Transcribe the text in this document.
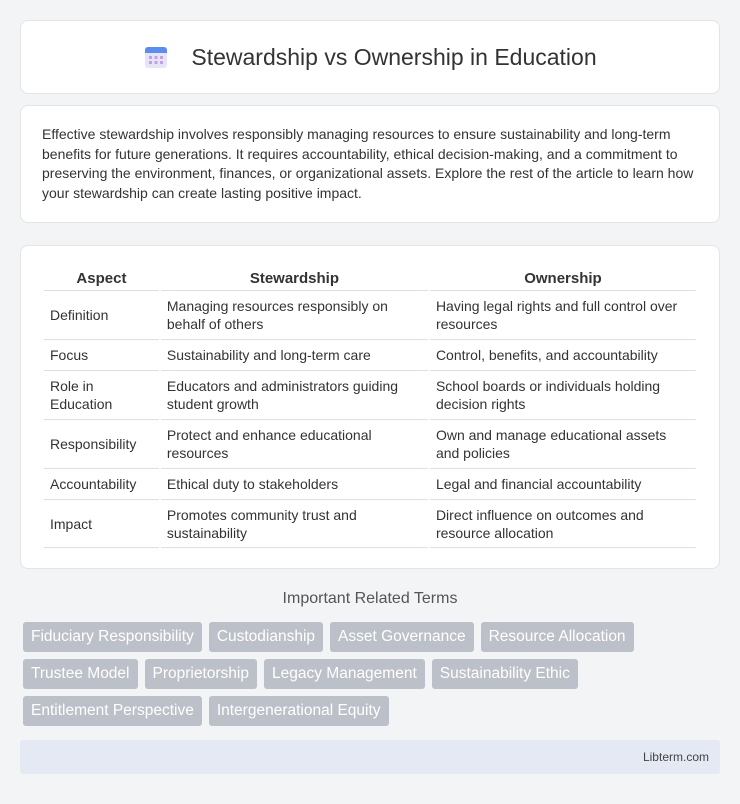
Stewardship vs Ownership in Education

Effective stewardship involves responsibly managing resources to ensure sustainability and long-term benefits for future generations. It requires accountability, ethical decision-making, and a commitment to preserving the environment, finances, or organizational assets. Explore the rest of the article to learn how your stewardship can create lasting positive impact.

Aspect	Stewardship	Ownership
Definition	Managing resources responsibly on behalf of others	Having legal rights and full control over resources
Focus	Sustainability and long-term care	Control, benefits, and accountability
Role in Education	Educators and administrators guiding student growth	School boards or individuals holding decision rights
Responsibility	Protect and enhance educational resources	Own and manage educational assets and policies
Accountability	Ethical duty to stakeholders	Legal and financial accountability
Impact	Promotes community trust and sustainability	Direct influence on outcomes and resource allocation
Important Related Terms
Fiduciary Responsibility	Custodianship	Asset Governance	Resource Allocation
Trustee Model	Proprietorship	Legacy Management	Sustainability Ethic
Entitlement Perspective	Intergenerational Equity
Libterm.com
